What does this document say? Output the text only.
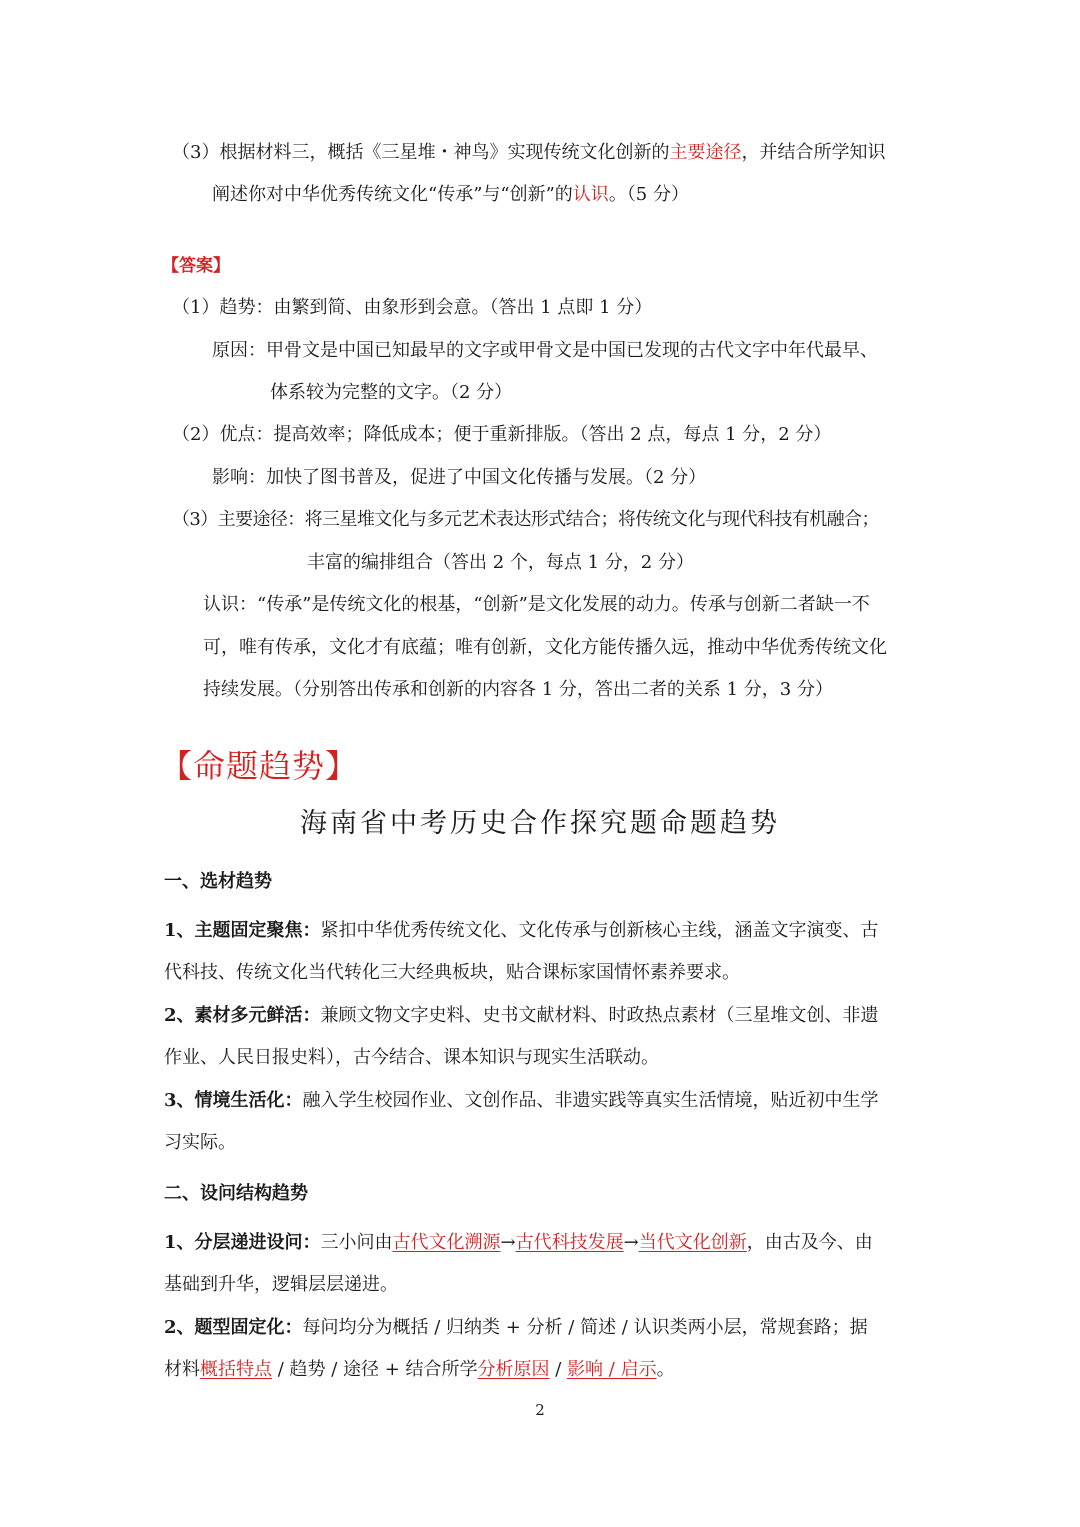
（3）根据材料三，概括《三星堆・神鸟》实现传统文化创新的主要途径，并结合所学知识
阐述你对中华优秀传统文化“传承”与“创新”的认识。（5 分）
【答案】
（1）趋势：由繁到简、由象形到会意。（答出 1 点即 1 分）
原因：甲骨文是中国已知最早的文字或甲骨文是中国已发现的古代文字中年代最早、
体系较为完整的文字。（2 分）
（2）优点：提高效率；降低成本；便于重新排版。（答出 2 点，每点 1 分，2 分）
影响：加快了图书普及，促进了中国文化传播与发展。（2 分）
（3）主要途径：将三星堆文化与多元艺术表达形式结合；将传统文化与现代科技有机融合；
丰富的编排组合（答出 2 个，每点 1 分，2 分）
认识：“传承”是传统文化的根基，“创新”是文化发展的动力。传承与创新二者缺一不
可，唯有传承，文化才有底蕴；唯有创新，文化方能传播久远，推动中华优秀传统文化
持续发展。（分别答出传承和创新的内容各 1 分，答出二者的关系 1 分，3 分）
【命题趋势】
海南省中考历史合作探究题命题趋势
一、选材趋势
1、主题固定聚焦：紧扣中华优秀传统文化、文化传承与创新核心主线，涵盖文字演变、古
代科技、传统文化当代转化三大经典板块，贴合课标家国情怀素养要求。
2、素材多元鲜活：兼顾文物文字史料、史书文献材料、时政热点素材（三星堆文创、非遗
作业、人民日报史料），古今结合、课本知识与现实生活联动。
3、情境生活化：融入学生校园作业、文创作品、非遗实践等真实生活情境，贴近初中生学
习实际。
二、设问结构趋势
1、分层递进设问：三小问由古代文化溯源→古代科技发展→当代文化创新，由古及今、由
基础到升华，逻辑层层递进。
2、题型固定化：每问均分为概括 / 归纳类 + 分析 / 简述 / 认识类两小层，常规套路；据
材料概括特点 / 趋势 / 途径 + 结合所学分析原因 / 影响 / 启示。
2
